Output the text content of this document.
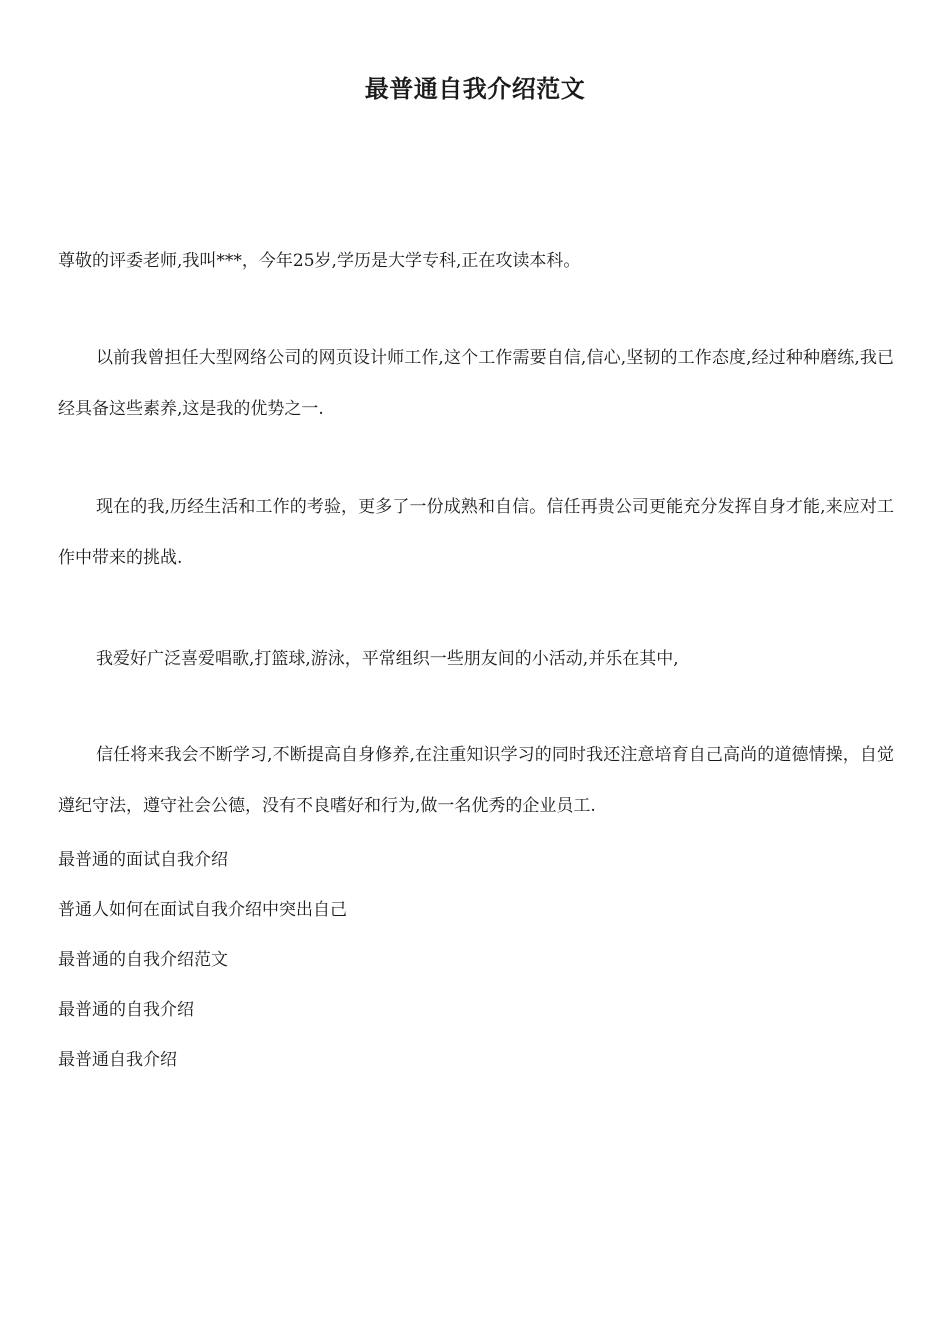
最普通自我介绍范文

尊敬的评委老师,我叫***，今年25岁,学历是大学专科,正在攻读本科。

以前我曾担任大型网络公司的网页设计师工作,这个工作需要自信,信心,坚韧的工作态度,经过种种磨练,我已经具备这些素养,这是我的优势之一.

现在的我,历经生活和工作的考验，更多了一份成熟和自信。信任再贵公司更能充分发挥自身才能,来应对工作中带来的挑战.

我爱好广泛喜爱唱歌,打篮球,游泳，平常组织一些朋友间的小活动,并乐在其中,

信任将来我会不断学习,不断提高自身修养,在注重知识学习的同时我还注意培育自己高尚的道德情操，自觉遵纪守法，遵守社会公德，没有不良嗜好和行为,做一名优秀的企业员工.

最普通的面试自我介绍
普通人如何在面试自我介绍中突出自己
最普通的自我介绍范文
最普通的自我介绍
最普通自我介绍
